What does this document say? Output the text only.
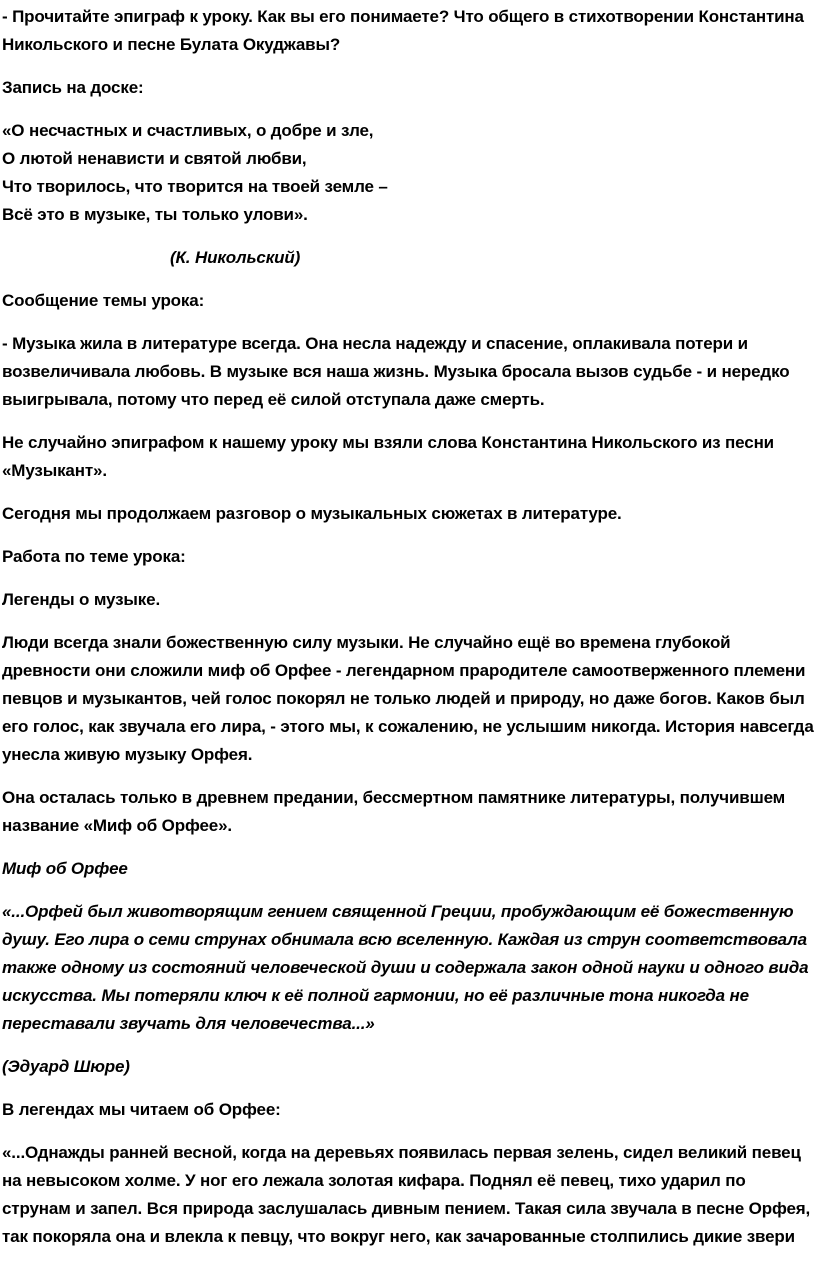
- Прочитайте эпиграф к уроку. Как вы его понимаете? Что общего в стихотворении Константина Никольского и песне Булата Окуджавы?

Запись на доске:

«О несчастных и счастливых, о добре и зле,
О лютой ненависти и святой любви,
Что творилось, что творится на твоей земле –
Всё это в музыке, ты только улови».

(К. Никольский)

Сообщение темы урока:

- Музыка жила в литературе всегда. Она несла надежду и спасение, оплакивала потери и возвеличивала любовь. В музыке вся наша жизнь. Музыка бросала вызов судьбе - и нередко выигрывала, потому что перед её силой отступала даже смерть.

Не случайно эпиграфом к нашему уроку мы взяли слова Константина Никольского из песни «Музыкант».

Сегодня мы продолжаем разговор о музыкальных сюжетах в литературе.

Работа по теме урока:

Легенды о музыке.

Люди всегда знали божественную силу музыки. Не случайно ещё во времена глубокой древности они сложили миф об Орфее - легендарном прародителе самоотверженного племени певцов и музыкантов, чей голос покорял не только людей и природу, но даже богов. Каков был его голос, как звучала его лира, - этого мы, к сожалению, не услышим никогда. История навсегда унесла живую музыку Орфея.

Она осталась только в древнем предании, бессмертном памятнике литературы, получившем название «Миф об Орфее».

Миф об Орфее

«...Орфей был животворящим гением священной Греции, пробуждающим её божественную душу. Его лира о семи струнах обнимала всю вселенную. Каждая из струн соответствовала также одному из состояний человеческой души и содержала закон одной науки и одного вида искусства. Мы потеряли ключ к её полной гармонии, но её различные тона никогда не переставали звучать для человечества...»

(Эдуард Шюре)

В легендах мы читаем об Орфее:

«...Однажды ранней весной, когда на деревьях появилась первая зелень, сидел великий певец на невысоком холме. У ног его лежала золотая кифара. Поднял её певец, тихо ударил по струнам и запел. Вся природа заслушалась дивным пением. Такая сила звучала в песне Орфея, так покоряла она и влекла к певцу, что вокруг него, как зачарованные столпились дикие звери
